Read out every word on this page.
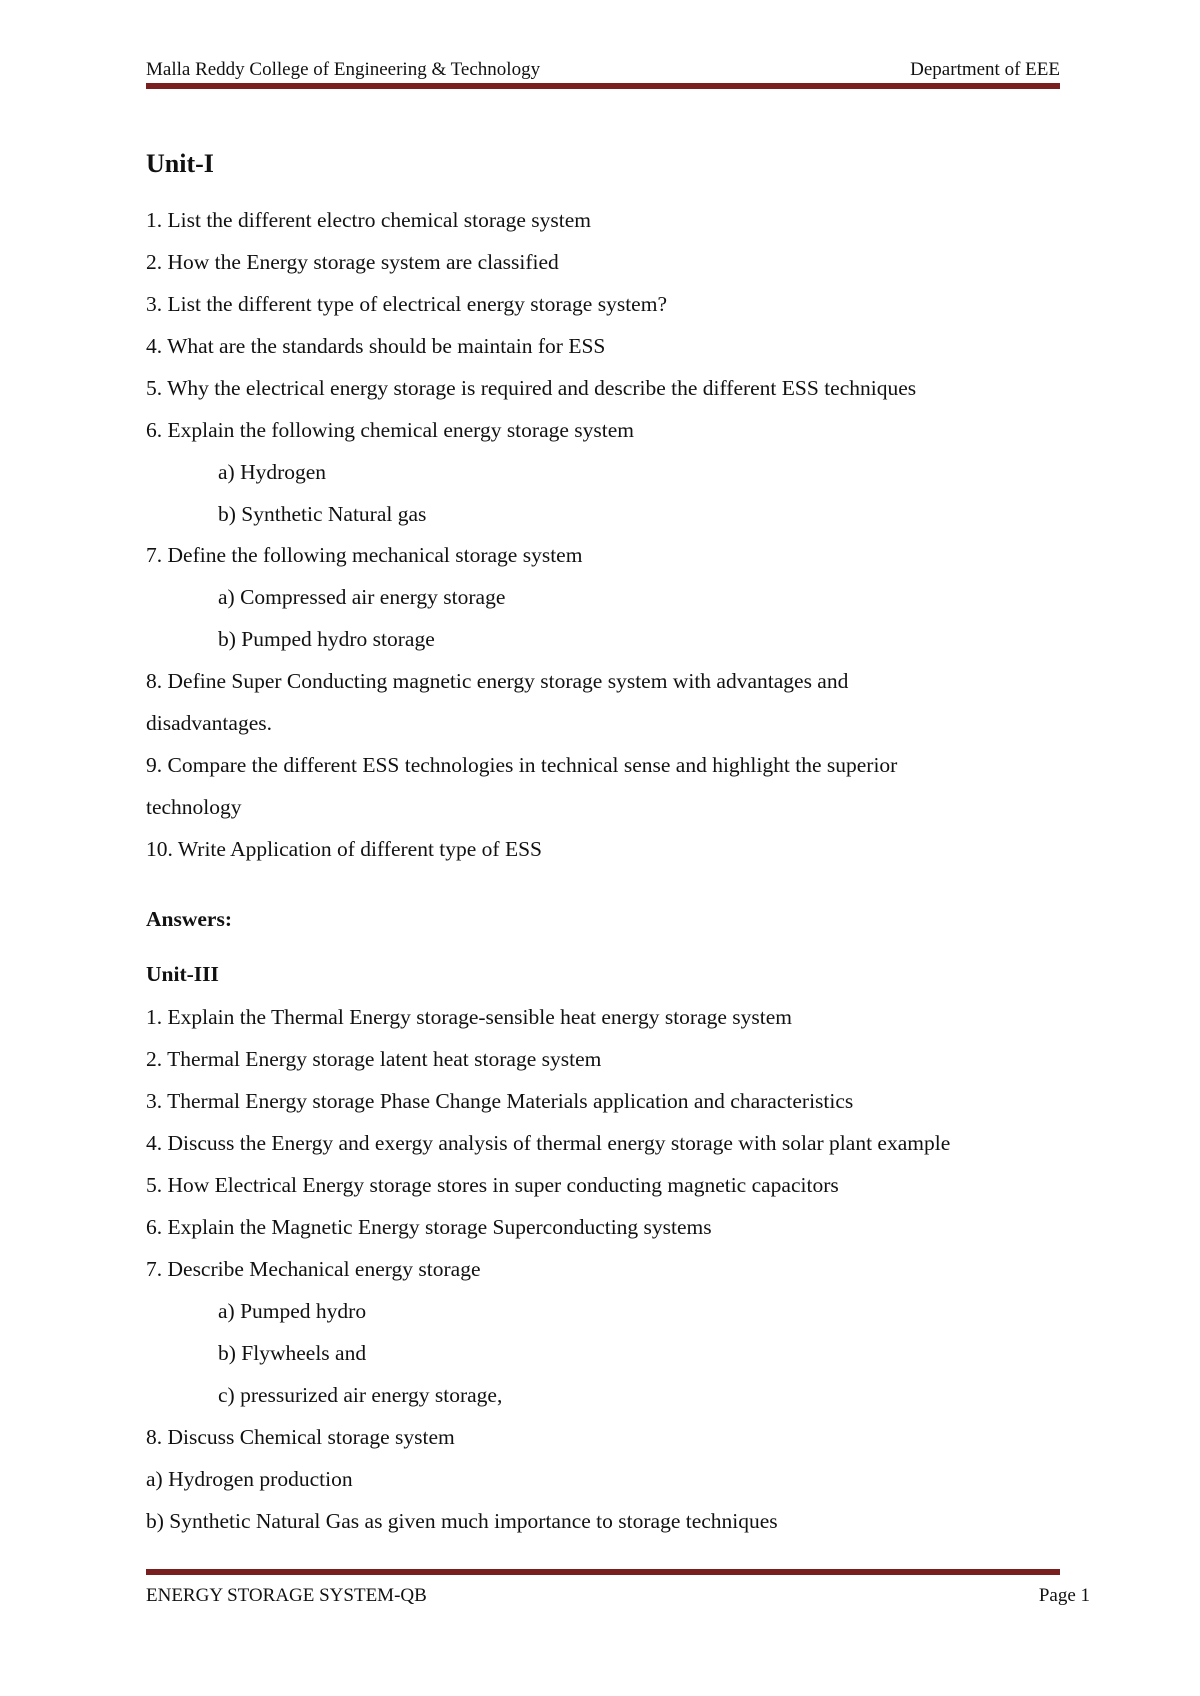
Malla Reddy College of Engineering & Technology	Department of EEE
Unit-I
1. List the different electro chemical storage system
2. How the Energy storage system are classified
3. List the different type of electrical energy storage system?
4. What are the standards should be maintain for ESS
5. Why the electrical energy storage is required and describe the different ESS techniques
6. Explain the following chemical energy storage system
a) Hydrogen
b) Synthetic Natural gas
7. Define the following mechanical storage system
a) Compressed air energy storage
b) Pumped hydro storage
8. Define Super Conducting magnetic energy storage system with advantages and
disadvantages.
9. Compare the different ESS technologies in technical sense and highlight the superior
technology
10. Write Application of different type of ESS
Answers:
Unit-III
1. Explain the Thermal Energy storage-sensible heat energy storage system
2. Thermal Energy storage latent heat storage system
3. Thermal Energy storage Phase Change Materials application and characteristics
4. Discuss the Energy and exergy analysis of thermal energy storage with solar plant example
5. How Electrical Energy storage stores in super conducting magnetic capacitors
6. Explain the Magnetic Energy storage Superconducting systems
7. Describe Mechanical energy storage
a) Pumped hydro
b) Flywheels and
c) pressurized air energy storage,
8. Discuss Chemical storage system
a) Hydrogen production
b) Synthetic Natural Gas as given much importance to storage techniques
ENERGY STORAGE SYSTEM-QB	Page 1
